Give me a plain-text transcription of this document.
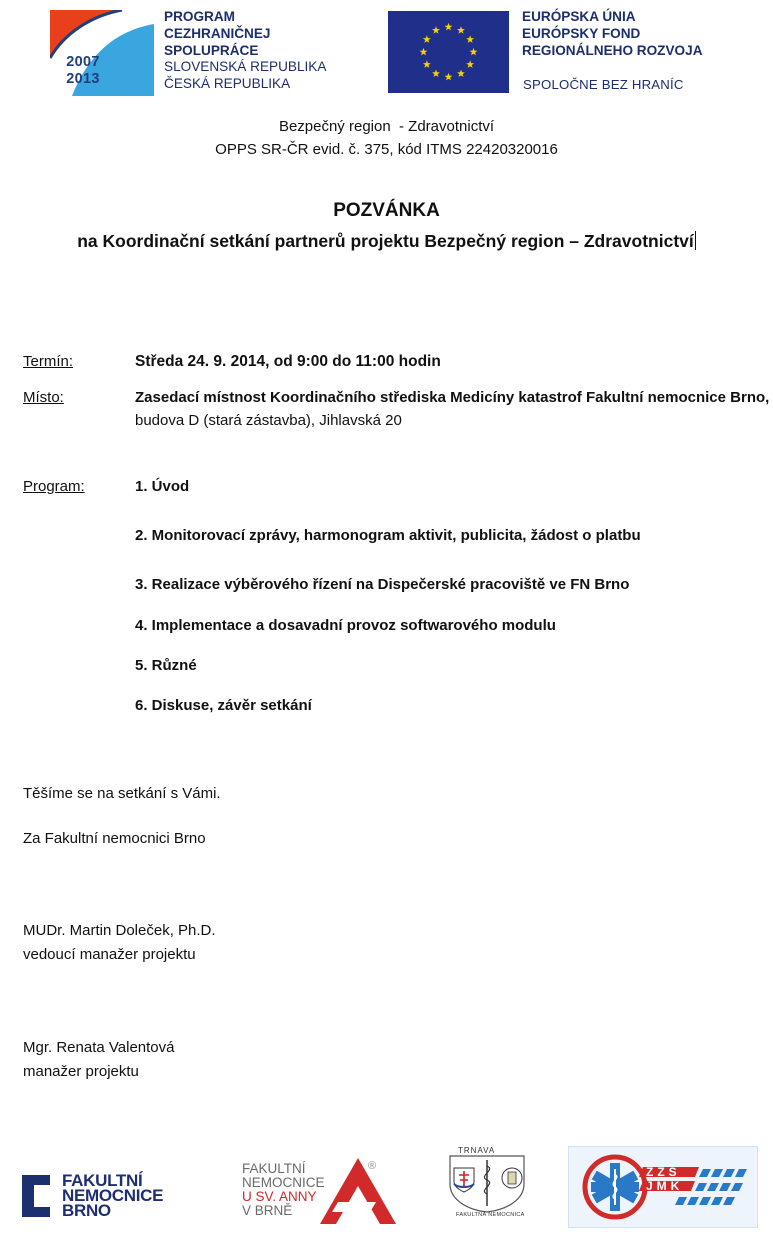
2007
2013
PROGRAM
CEZHRANIČNEJ
SPOLUPRÁCE
SLOVENSKÁ REPUBLIKA
ČESKÁ REPUBLIKA
EURÓPSKA ÚNIA
EURÓPSKY FOND
REGIONÁLNEHO ROZVOJA
SPOLOČNE BEZ HRANÍC
Bezpečný region  - Zdravotnictví
OPPS SR-ČR evid. č. 375, kód ITMS 22420320016
POZVÁNKA
na Koordinační setkání partnerů projektu Bezpečný region – Zdravotnictví
Termín:	Středa 24. 9. 2014, od 9:00 do 11:00 hodin
Místo:	Zasedací místnost Koordinačního střediska Medicíny katastrof Fakultní nemocnice Brno,
budova D (stará zástavba), Jihlavská 20
Program:	1. Úvod
2. Monitorovací zprávy, harmonogram aktivit, publicita, žádost o platbu
3. Realizace výběrového řízení na Dispečerské pracoviště ve FN Brno
4. Implementace a dosavadní provoz softwarového modulu
5. Různé
6. Diskuse, závěr setkání
Těšíme se na setkání s Vámi.
Za Fakultní nemocnici Brno
MUDr. Martin Doleček, Ph.D.
vedoucí manažer projektu
Mgr. Renata Valentová
manažer projektu
FAKULTNÍ
NEMOCNICE
BRNO
FAKULTNÍ
NEMOCNICE
U SV. ANNY
V BRNĚ
®
TRNAVA
FAKULTNÁ NEMOCNICA
ZZS
JMK
